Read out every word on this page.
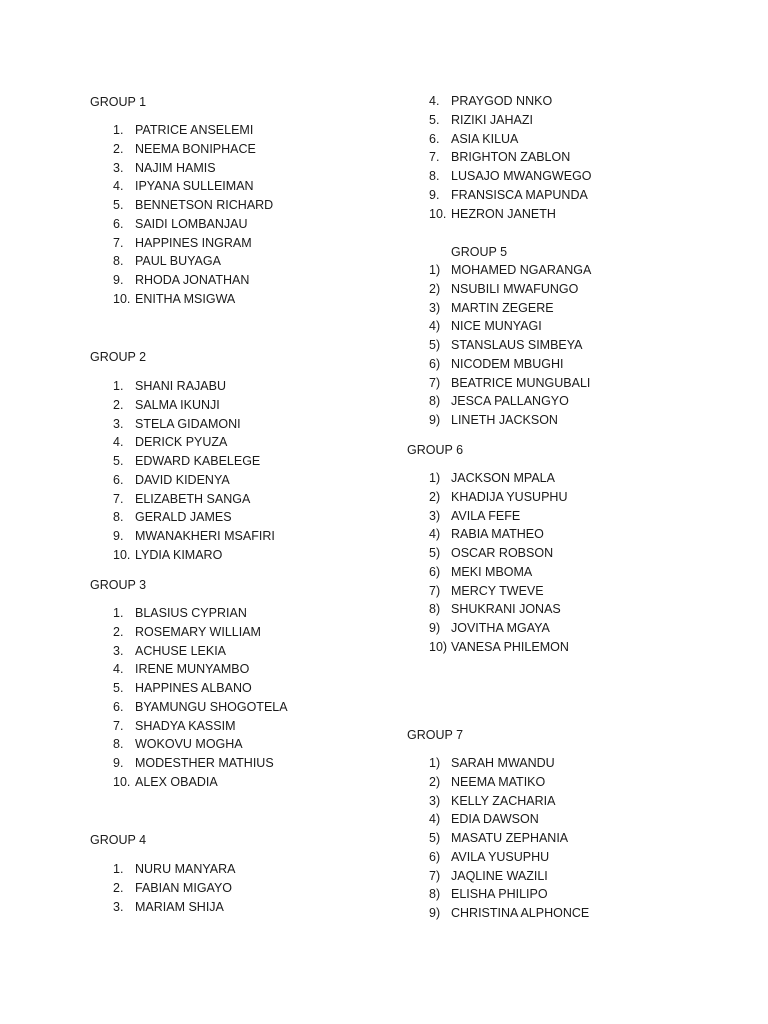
GROUP 1
1. PATRICE ANSELEMI
2. NEEMA BONIPHACE
3. NAJIM HAMIS
4. IPYANA SULLEIMAN
5. BENNETSON RICHARD
6. SAIDI LOMBANJAU
7. HAPPINES INGRAM
8. PAUL BUYAGA
9. RHODA JONATHAN
10. ENITHA MSIGWA
GROUP 2
1. SHANI RAJABU
2. SALMA IKUNJI
3. STELA GIDAMONI
4. DERICK PYUZA
5. EDWARD KABELEGE
6. DAVID KIDENYA
7. ELIZABETH SANGA
8. GERALD JAMES
9. MWANAKHERI MSAFIRI
10. LYDIA KIMARO
GROUP 3
1. BLASIUS CYPRIAN
2. ROSEMARY WILLIAM
3. ACHUSE LEKIA
4. IRENE MUNYAMBO
5. HAPPINES ALBANO
6. BYAMUNGU SHOGOTELA
7. SHADYA KASSIM
8. WOKOVU MOGHA
9. MODESTHER MATHIUS
10. ALEX OBADIA
GROUP 4
1. NURU MANYARA
2. FABIAN MIGAYO
3. MARIAM SHIJA
4. PRAYGOD NNKO
5. RIZIKI JAHAZI
6. ASIA KILUA
7. BRIGHTON ZABLON
8. LUSAJO MWANGWEGO
9. FRANSISCA MAPUNDA
10. HEZRON JANETH
GROUP 5
1) MOHAMED NGARANGA
2) NSUBILI MWAFUNGO
3) MARTIN ZEGERE
4) NICE MUNYAGI
5) STANSLAUS SIMBEYA
6) NICODEM MBUGHI
7) BEATRICE MUNGUBALI
8) JESCA PALLANGYO
9) LINETH JACKSON
GROUP 6
1) JACKSON MPALA
2) KHADIJA YUSUPHU
3) AVILA FEFE
4) RABIA MATHEO
5) OSCAR ROBSON
6) MEKI MBOMA
7) MERCY TWEVE
8) SHUKRANI JONAS
9) JOVITHA MGAYA
10) VANESA PHILEMON
GROUP 7
1) SARAH MWANDU
2) NEEMA MATIKO
3) KELLY ZACHARIA
4) EDIA DAWSON
5) MASATU ZEPHANIA
6) AVILA YUSUPHU
7) JAQLINE WAZILI
8) ELISHA PHILIPO
9) CHRISTINA ALPHONCE
